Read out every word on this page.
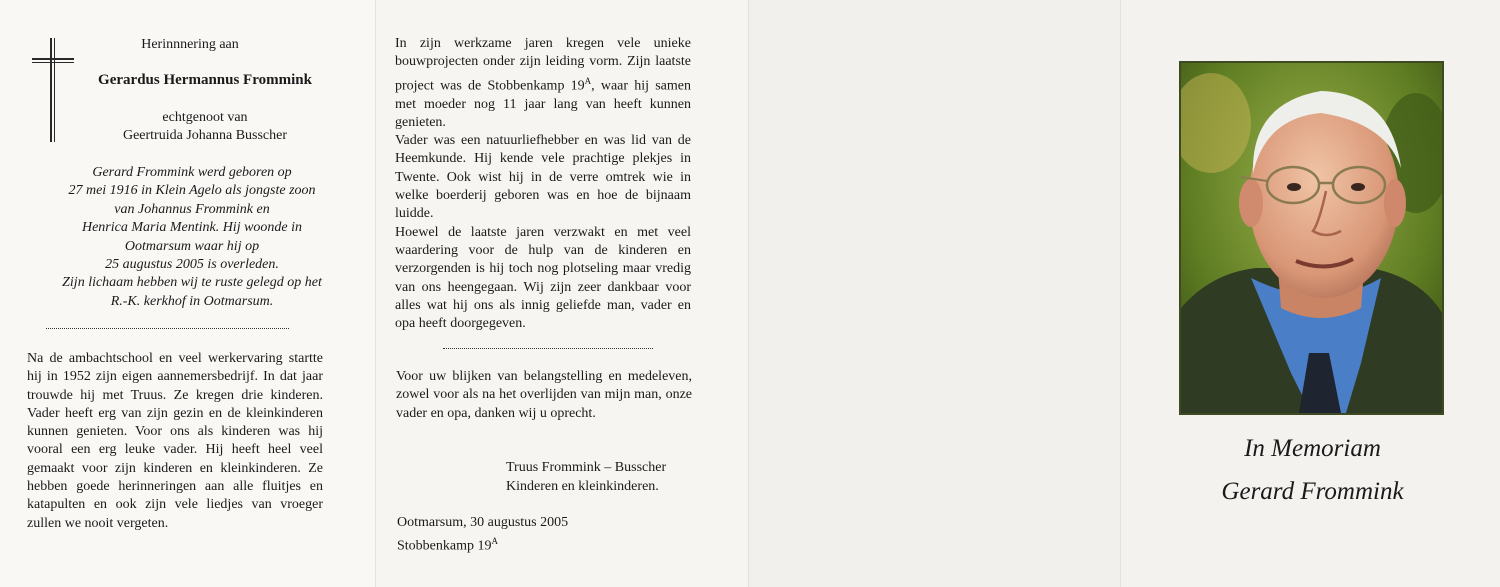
Herinnnering aan
Gerardus Hermannus Frommink
echtgenoot van
Geertruida Johanna Busscher
Gerard Frommink werd geboren op
27 mei 1916 in Klein Agelo als jongste zoon
van Johannus Frommink en
Henrica Maria Mentink. Hij woonde in
Ootmarsum waar hij op
25 augustus 2005 is overleden.
Zijn lichaam hebben wij te ruste gelegd op het
R.-K. kerkhof in Ootmarsum.

Na de ambachtschool en veel werkervaring startte hij in 1952 zijn eigen aannemersbedrijf. In dat jaar trouwde hij met Truus. Ze kregen drie kinderen. Vader heeft erg van zijn gezin en de kleinkinderen kunnen genieten. Voor ons als kinderen was hij vooral een erg leuke vader. Hij heeft heel veel gemaakt voor zijn kinderen en kleinkinderen. Ze hebben goede herinneringen aan alle fluitjes en katapulten en ook zijn vele liedjes van vroeger zullen we nooit vergeten.

In zijn werkzame jaren kregen vele unieke bouwprojecten onder zijn leiding vorm. Zijn laatste project was de Stobbenkamp $19^A$, waar hij samen met moeder nog 11 jaar lang van heeft kunnen genieten.

Vader was een natuurliefhebber en was lid van de Heemkunde. Hij kende vele prachtige plekjes in Twente. Ook wist hij in de verre omtrek wie in welke boerderij geboren was en hoe de bijnaam luidde.

Hoewel de laatste jaren verzwakt en met veel waardering voor de hulp van de kinderen en verzorgenden is hij toch nog plotseling maar vredig van ons heengegaan. Wij zijn zeer dankbaar voor alles wat hij ons als innig geliefde man, vader en opa heeft doorgegeven.

Voor uw blijken van belangstelling en medeleven, zowel voor als na het overlijden van mijn man, onze vader en opa, danken wij u oprecht.

Truus Frommink – Busscher
Kinderen en kleinkinderen.
Ootmarsum, 30 augustus 2005
Stobbenkamp $19^A$
In Memoriam
Gerard Frommink
